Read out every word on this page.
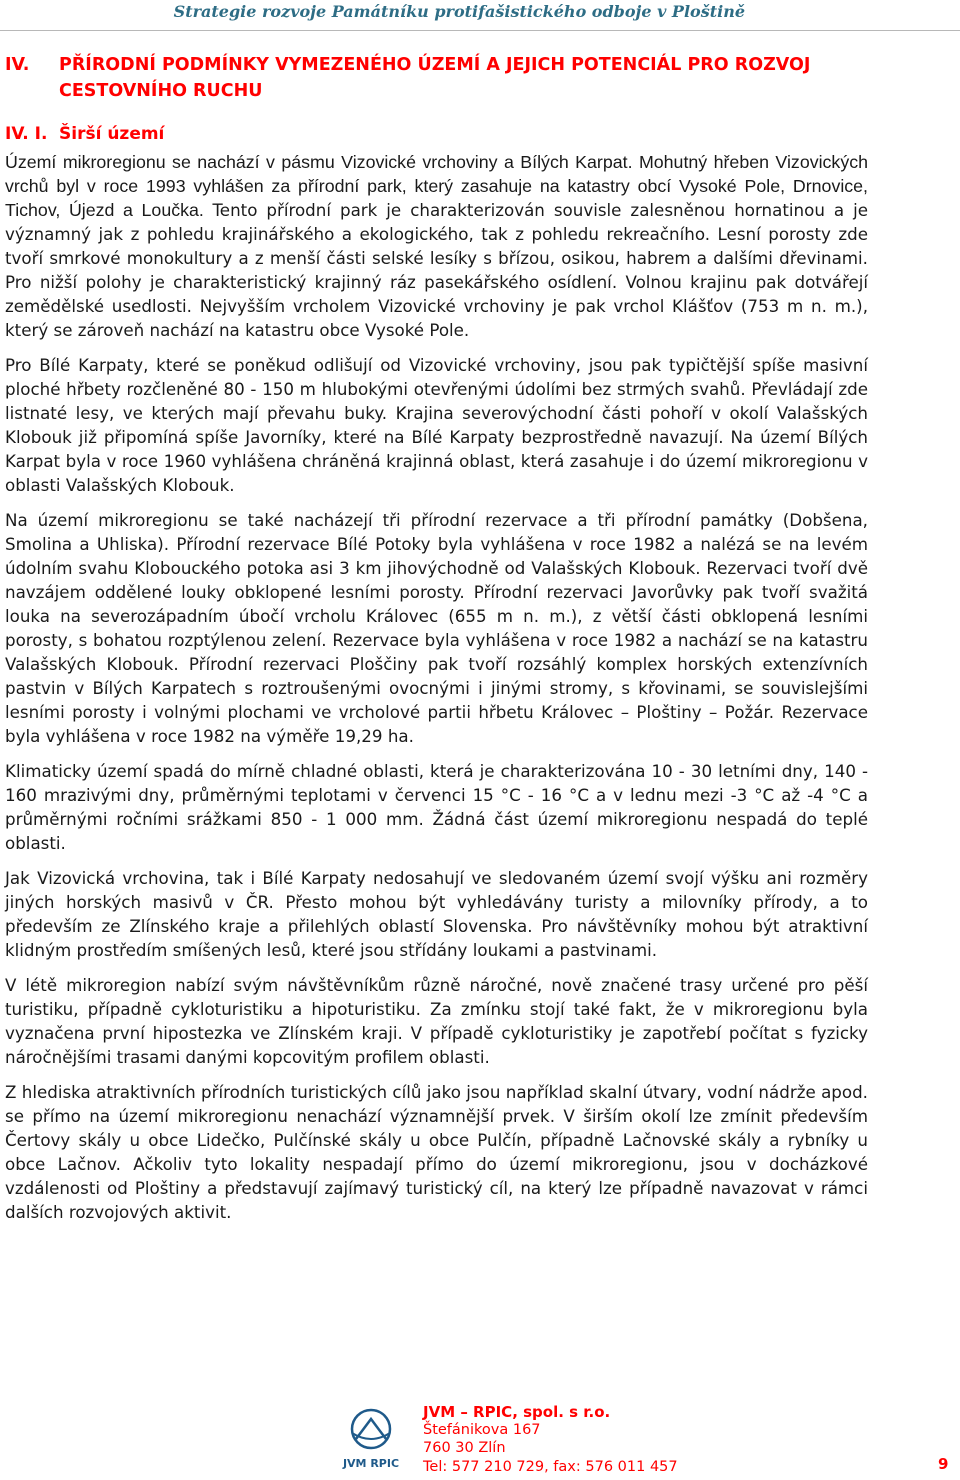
Strategie rozvoje Památníku protifašistického odboje v Ploštině
IV.	PŘÍRODNÍ PODMÍNKY VYMEZENÉHO ÚZEMÍ A JEJICH POTENCIÁL PRO ROZVOJ CESTOVNÍHO RUCHU
IV. I. Širší území

Území mikroregionu se nachází v pásmu Vizovické vrchoviny a Bílých Karpat. Mohutný hřeben Vizovických vrchů byl v roce 1993 vyhlášen za přírodní park, který zasahuje na katastry obcí Vysoké Pole, Drnovice, Tichov, Újezd a Loučka. Tento přírodní park je charakterizován souvisle zalesněnou hornatinou a je významný jak z pohledu krajinářského a ekologického, tak z pohledu rekreačního. Lesní porosty zde tvoří smrkové monokultury a z menší části selské lesíky s břízou, osikou, habrem a dalšími dřevinami. Pro nižší polohy je charakteristický krajinný ráz pasekářského osídlení. Volnou krajinu pak dotvářejí zemědělské usedlosti. Nejvyšším vrcholem Vizovické vrchoviny je pak vrchol Klášťov (753 m n. m.), který se zároveň nachází na katastru obce Vysoké Pole.

Pro Bílé Karpaty, které se poněkud odlišují od Vizovické vrchoviny, jsou pak typičtější spíše masivní ploché hřbety rozčleněné 80 - 150 m hlubokými otevřenými údolími bez strmých svahů. Převládají zde listnaté lesy, ve kterých mají převahu buky. Krajina severovýchodní části pohoří v okolí Valašských Klobouk již připomíná spíše Javorníky, které na Bílé Karpaty bezprostředně navazují. Na území Bílých Karpat byla v roce 1960 vyhlášena chráněná krajinná oblast, která zasahuje i do území mikroregionu v oblasti Valašských Klobouk.

Na území mikroregionu se také nacházejí tři přírodní rezervace a tři přírodní památky (Dobšena, Smolina a Uhliska). Přírodní rezervace Bílé Potoky byla vyhlášena v roce 1982 a nalézá se na levém údolním svahu Klobouckého potoka asi 3 km jihovýchodně od Valašských Klobouk. Rezervaci tvoří dvě navzájem oddělené louky obklopené lesními porosty. Přírodní rezervaci Javorůvky pak tvoří svažitá louka na severozápadním úbočí vrcholu Královec (655 m n. m.), z větší části obklopená lesními porosty, s bohatou rozptýlenou zelení. Rezervace byla vyhlášena v roce 1982 a nachází se na katastru Valašských Klobouk. Přírodní rezervaci Ploščiny pak tvoří rozsáhlý komplex horských extenzívních pastvin v Bílých Karpatech s roztroušenými ovocnými i jinými stromy, s křovinami, se souvislejšími lesními porosty i volnými plochami ve vrcholové partii hřbetu Královec – Ploštiny – Požár. Rezervace byla vyhlášena v roce 1982 na výměře 19,29 ha.

Klimaticky území spadá do mírně chladné oblasti, která je charakterizována 10 - 30 letními dny, 140 - 160 mrazivými dny, průměrnými teplotami v červenci 15 °C - 16 °C a v lednu mezi -3 °C až -4 °C a průměrnými ročními srážkami 850 - 1 000 mm. Žádná část území mikroregionu nespadá do teplé oblasti.

Jak Vizovická vrchovina, tak i Bílé Karpaty nedosahují ve sledovaném území svojí výšku ani rozměry jiných horských masivů v ČR. Přesto mohou být vyhledávány turisty a milovníky přírody, a to především ze Zlínského kraje a přilehlých oblastí Slovenska. Pro návštěvníky mohou být atraktivní klidným prostředím smíšených lesů, které jsou střídány loukami a pastvinami.

V létě mikroregion nabízí svým návštěvníkům různě náročné, nově značené trasy určené pro pěší turistiku, případně cykloturistiku a hipoturistiku. Za zmínku stojí také fakt, že v mikroregionu byla vyznačena první hipostezka ve Zlínském kraji. V případě cykloturistiky je zapotřebí počítat s fyzicky náročnějšími trasami danými kopcovitým profilem oblasti.

Z hlediska atraktivních přírodních turistických cílů jako jsou například skalní útvary, vodní nádrže apod. se přímo na území mikroregionu nenachází významnější prvek. V širším okolí lze zmínit především Čertovy skály u obce Lidečko, Pulčínské skály u obce Pulčín, případně Lačnovské skály a rybníky u obce Lačnov. Ačkoliv tyto lokality nespadají přímo do území mikroregionu, jsou v docházkové vzdálenosti od Ploštiny a představují zajímavý turistický cíl, na který lze případně navazovat v rámci dalších rozvojových aktivit.

JVM RPIC
JVM – RPIC, spol. s r.o.
Štefánikova 167
760 30 Zlín
Tel: 577 210 729, fax: 576 011 457	9
